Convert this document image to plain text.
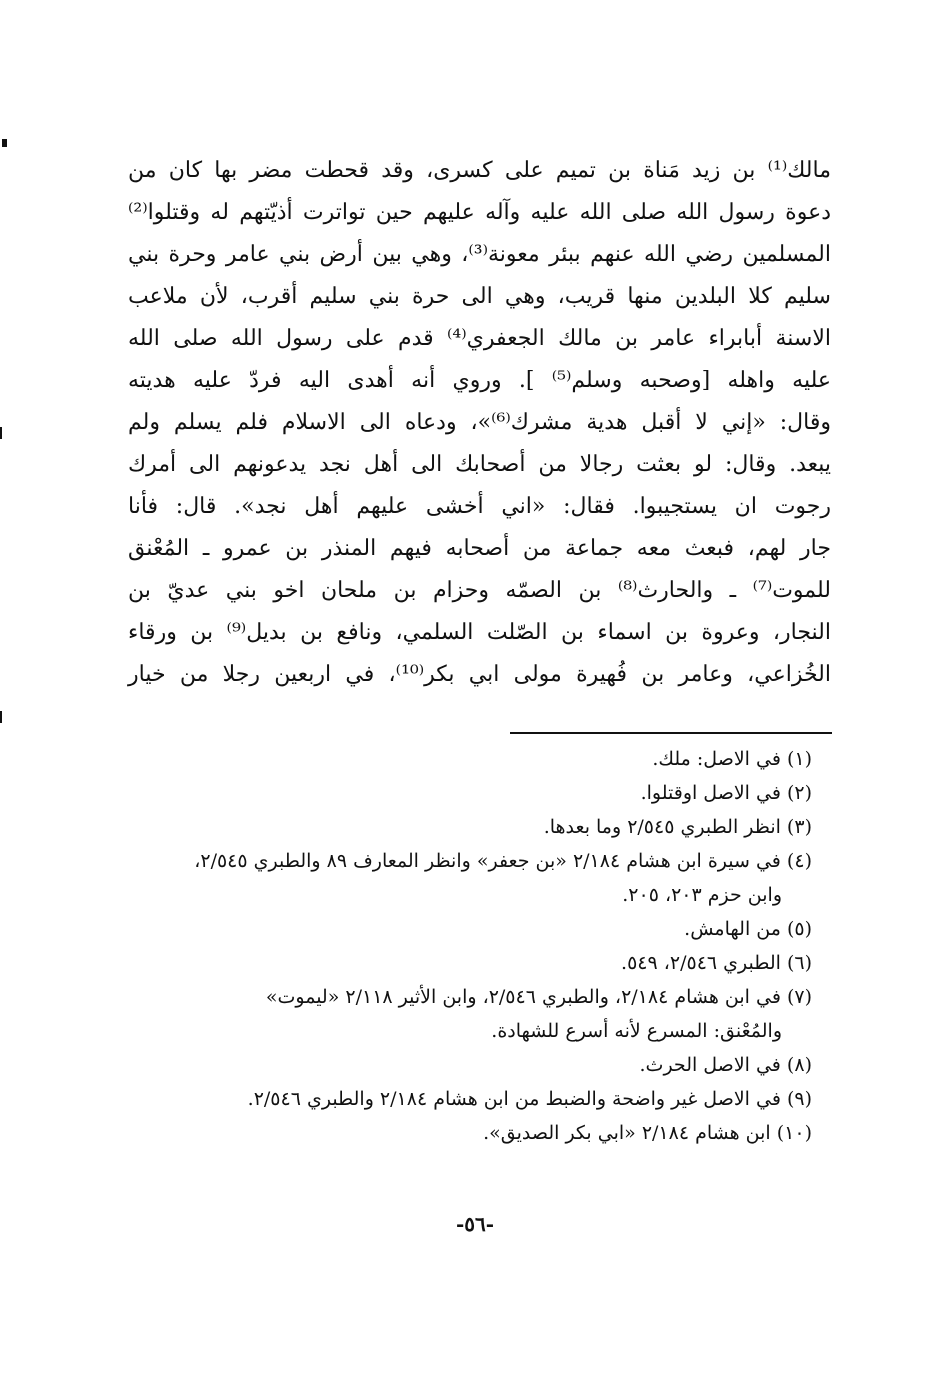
مالك⁽¹⁾ بن زيد مَناة بن تميم على كسرى، وقد قحطت مضر بها كان من
دعوة رسول الله صلى الله عليه وآله عليهم حين تواترت أذيّتهم له وقتلوا⁽²⁾
المسلمين رضي الله عنهم ببئر معونة⁽³⁾، وهي بين أرض بني عامر وحرة بني
سليم كلا البلدين منها قريب، وهي الى حرة بني سليم أقرب، لأن ملاعب
الاسنة أبابراء عامر بن مالك الجعفري⁽⁴⁾ قدم على رسول الله صلى الله
عليه واهله [وصحبه وسلم⁽⁵⁾ ]. وروي أنه أهدى اليه فردّ عليه هديته
وقال: «إني لا أقبل هدية مشرك⁽⁶⁾»، ودعاه الى الاسلام فلم يسلم ولم
يبعد. وقال: لو بعثت رجالا من أصحابك الى أهل نجد يدعونهم الى أمرك
رجوت ان يستجيبوا. فقال: «اني أخشى عليهم أهل نجد». قال: فأنا
جار لهم، فبعث معه جماعة من أصحابه فيهم المنذر بن عمرو ـ المُعْنق
للموت⁽⁷⁾ ـ والحارث⁽⁸⁾ بن الصمّه وحزام بن ملحان اخو بني عديّ بن
النجار، وعروة بن اسماء بن الصّلت السلمي، ونافع بن بديل⁽⁹⁾ بن ورقاء
الخُزاعي، وعامر بن فُهيرة مولى ابي بكر⁽¹⁰⁾، في اربعين رجلا من خيار
(١) في الاصل: ملك.
(٢) في الاصل اوقتلوا.
(٣) انظر الطبري ٢/٥٤٥ وما بعدها.
(٤) في سيرة ابن هشام ٢/١٨٤ «بن جعفر» وانظر المعارف ٨٩ والطبري ٢/٥٤٥،
وابن حزم ٢٠٣، ٢٠٥.
(٥) من الهامش.
(٦) الطبري ٢/٥٤٦، ٥٤٩.
(٧) في ابن هشام ٢/١٨٤، والطبري ٢/٥٤٦، وابن الأثير ٢/١١٨ «ليموت»
والمُعْنق: المسرع لأنه أسرع للشهادة.
(٨) في الاصل الحرث.
(٩) في الاصل غير واضحة والضبط من ابن هشام ٢/١٨٤ والطبري ٢/٥٤٦.
(١٠) ابن هشام ٢/١٨٤ «ابي بكر الصديق».
-٥٦-
